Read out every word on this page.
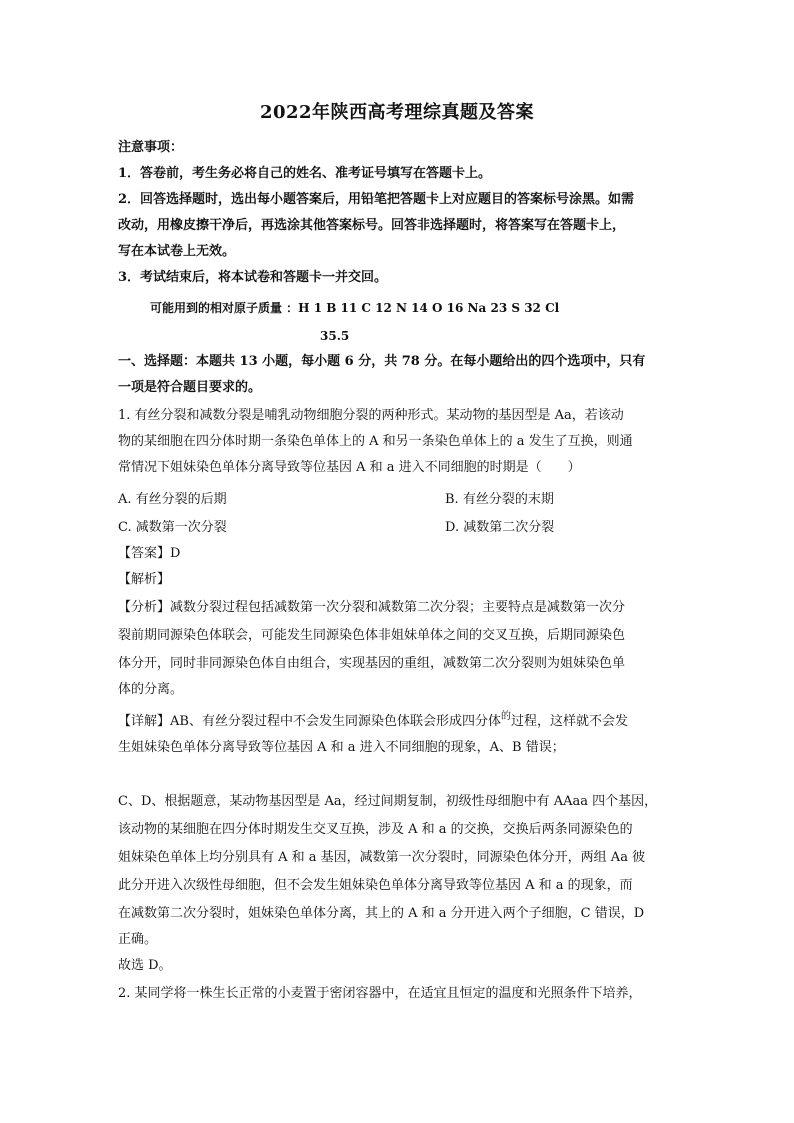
2022年陕西高考理综真题及答案
注意事项：
1．答卷前，考生务必将自己的姓名、准考证号填写在答题卡上。
2．回答选择题时，选出每小题答案后，用铅笔把答题卡上对应题目的答案标号涂黑。如需
改动，用橡皮擦干净后，再选涂其他答案标号。回答非选择题时，将答案写在答题卡上，
写在本试卷上无效。
3．考试结束后，将本试卷和答题卡一并交回。
可能用到的相对原子质量 ：H 1 B 11 C 12 N 14 O 16 Na 23 S 32 Cl
35.5
一、选择题：本题共 13 小题，每小题 6 分，共 78 分。在每小题给出的四个选项中，只有
一项是符合题目要求的。
1. 有丝分裂和减数分裂是哺乳动物细胞分裂的两种形式。某动物的基因型是 Aa，若该动
物的某细胞在四分体时期一条染色单体上的 A 和另一条染色单体上的 a 发生了互换，则通
常情况下姐妹染色单体分离导致等位基因 A 和 a 进入不同细胞的时期是（　　）
A. 有丝分裂的后期	B. 有丝分裂的末期
C. 减数第一次分裂	D. 减数第二次分裂
【答案】D
【解析】
【分析】减数分裂过程包括减数第一次分裂和减数第二次分裂；主要特点是减数第一次分
裂前期同源染色体联会，可能发生同源染色体非姐妹单体之间的交叉互换，后期同源染色
体分开，同时非同源染色体自由组合，实现基因的重组，减数第二次分裂则为姐妹染色单
体的分离。
【详解】AB、有丝分裂过程中不会发生同源染色体联会形成四分体$^的$过程，这样就不会发
生姐妹染色单体分离导致等位基因 A 和 a 进入不同细胞的现象，A、B 错误；
C、D、根据题意，某动物基因型是 Aa，经过间期复制，初级性母细胞中有 AAaa 四个基因，
该动物的某细胞在四分体时期发生交叉互换，涉及 A 和 a 的交换，交换后两条同源染色的
姐妹染色单体上均分别具有 A 和 a 基因，减数第一次分裂时，同源染色体分开，两组 Aa 彼
此分开进入次级性母细胞，但不会发生姐妹染色单体分离导致等位基因 A 和 a 的现象，而
在减数第二次分裂时，姐妹染色单体分离，其上的 A 和 a 分开进入两个子细胞，C 错误，D
正确。
故选 D。
2. 某同学将一株生长正常的小麦置于密闭容器中，在适宜且恒定的温度和光照条件下培养，
